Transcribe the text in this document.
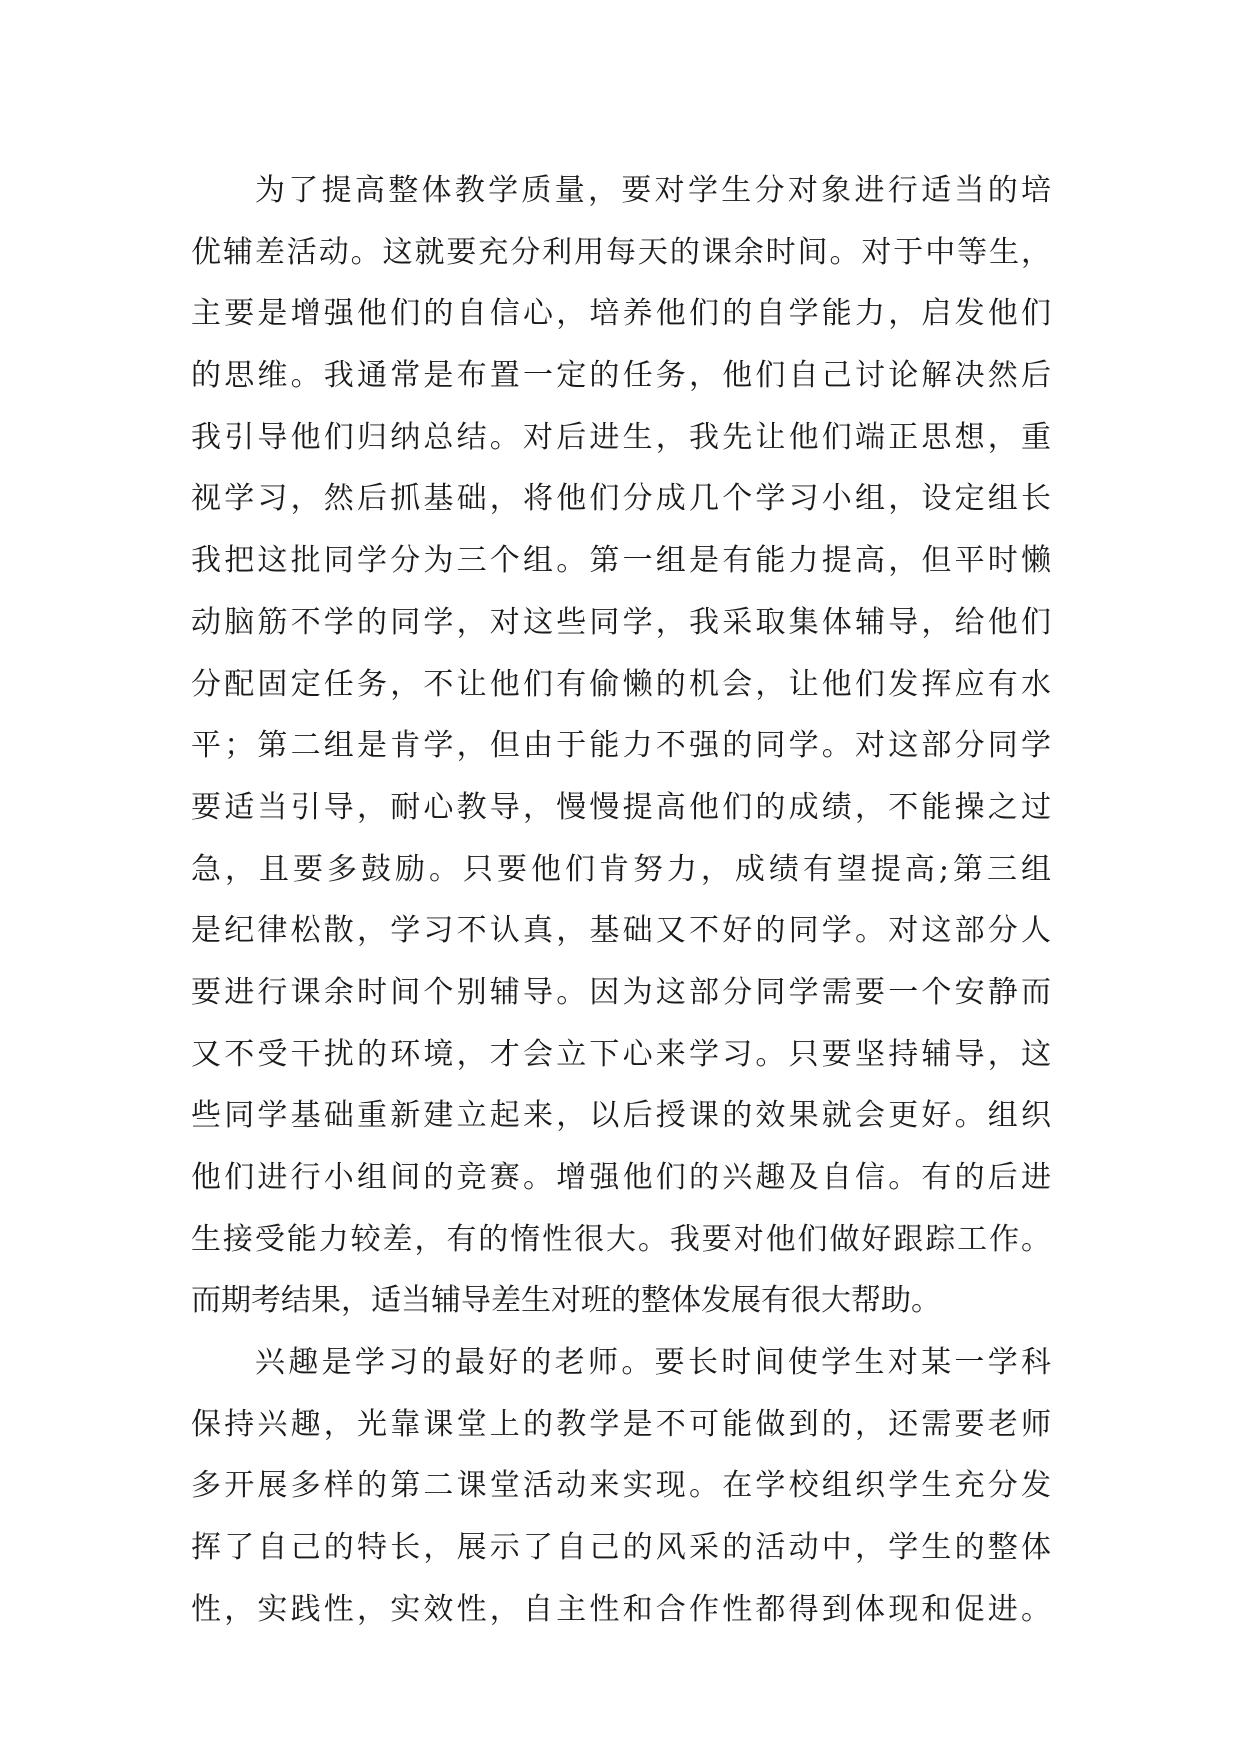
为了提高整体教学质量，要对学生分对象进行适当的培
优辅差活动。这就要充分利用每天的课余时间。对于中等生，
主要是增强他们的自信心，培养他们的自学能力，启发他们
的思维。我通常是布置一定的任务，他们自己讨论解决然后
我引导他们归纳总结。对后进生，我先让他们端正思想，重
视学习，然后抓基础，将他们分成几个学习小组，设定组长
我把这批同学分为三个组。第一组是有能力提高，但平时懒
动脑筋不学的同学，对这些同学，我采取集体辅导，给他们
分配固定任务，不让他们有偷懒的机会，让他们发挥应有水
平；第二组是肯学，但由于能力不强的同学。对这部分同学
要适当引导，耐心教导，慢慢提高他们的成绩，不能操之过
急，且要多鼓励。只要他们肯努力，成绩有望提高;第三组
是纪律松散，学习不认真，基础又不好的同学。对这部分人
要进行课余时间个别辅导。因为这部分同学需要一个安静而
又不受干扰的环境，才会立下心来学习。只要坚持辅导，这
些同学基础重新建立起来，以后授课的效果就会更好。组织
他们进行小组间的竞赛。增强他们的兴趣及自信。有的后进
生接受能力较差，有的惰性很大。我要对他们做好跟踪工作。
而期考结果，适当辅导差生对班的整体发展有很大帮助。
兴趣是学习的最好的老师。要长时间使学生对某一学科
保持兴趣，光靠课堂上的教学是不可能做到的，还需要老师
多开展多样的第二课堂活动来实现。在学校组织学生充分发
挥了自己的特长，展示了自己的风采的活动中，学生的整体
性，实践性，实效性，自主性和合作性都得到体现和促进。
